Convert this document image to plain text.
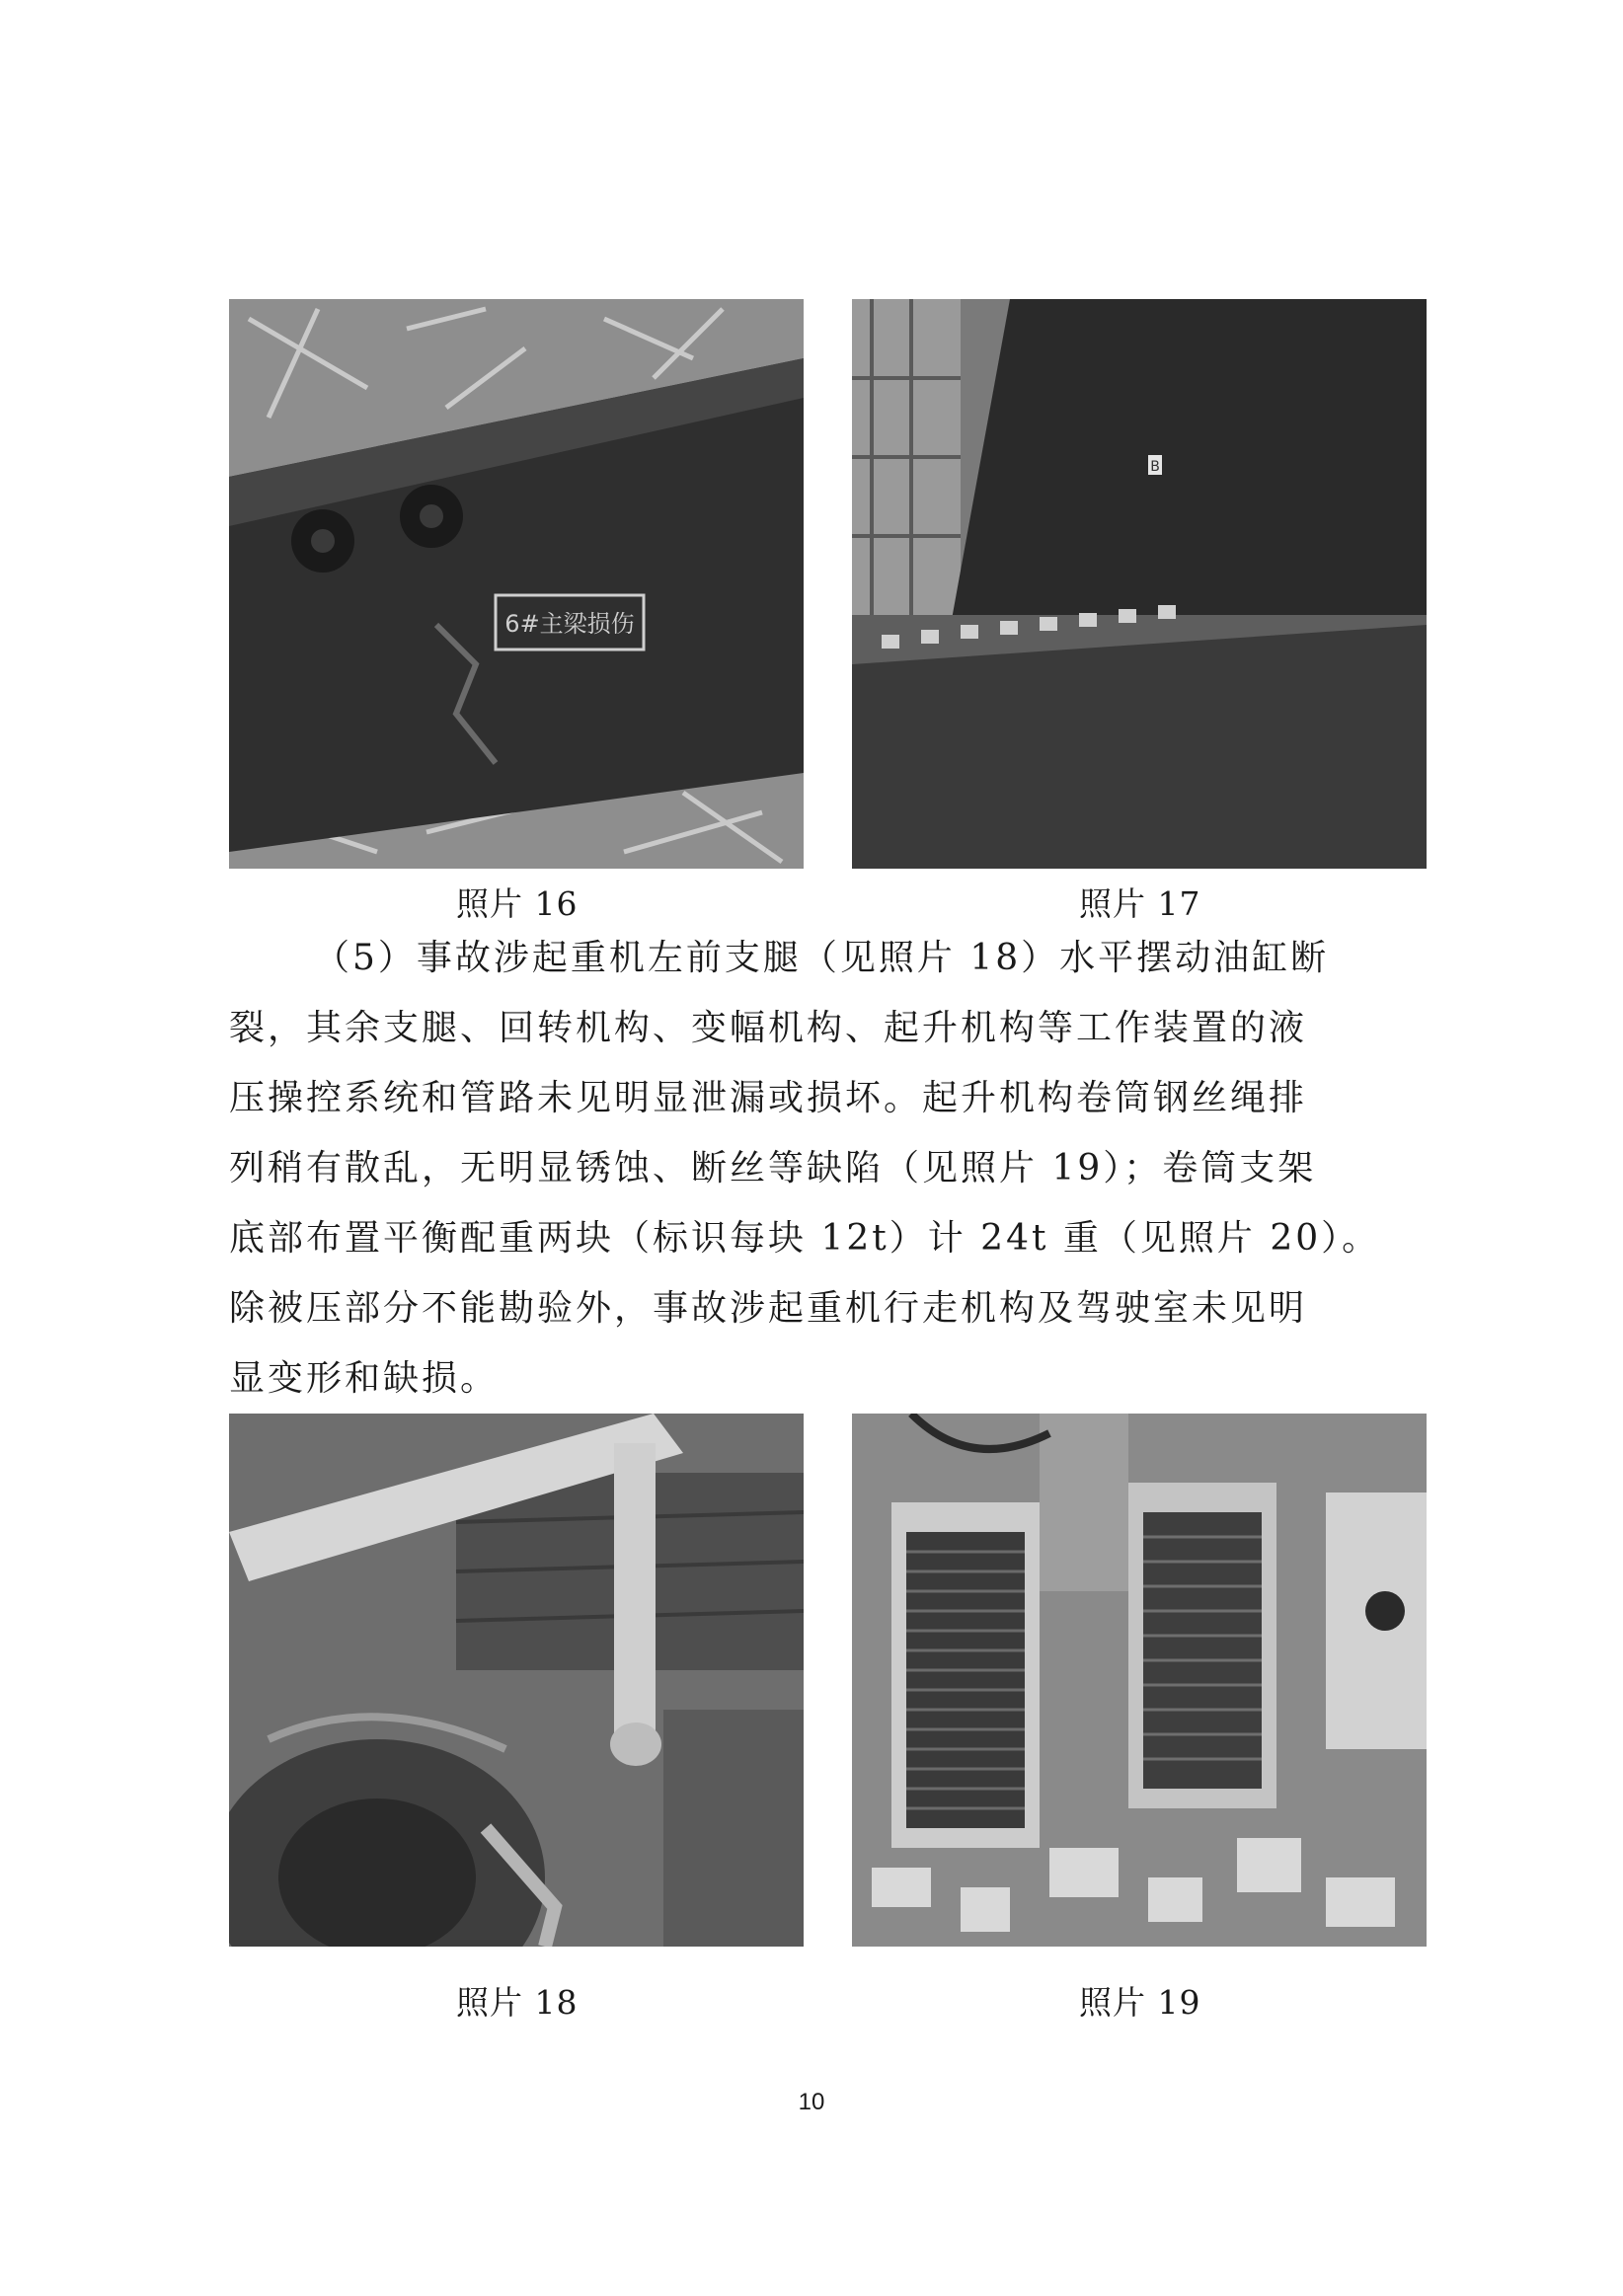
6#主梁损伤
照片 16
B
照片 17

（5）事故涉起重机左前支腿（见照片 18）水平摆动油缸断
裂，其余支腿、回转机构、变幅机构、起升机构等工作装置的液
压操控系统和管路未见明显泄漏或损坏。起升机构卷筒钢丝绳排
列稍有散乱，无明显锈蚀、断丝等缺陷（见照片 19）；卷筒支架
底部布置平衡配重两块（标识每块 12t）计 24t 重（见照片 20）。
除被压部分不能勘验外，事故涉起重机行走机构及驾驶室未见明
显变形和缺损。

照片 18	照片 19
10
